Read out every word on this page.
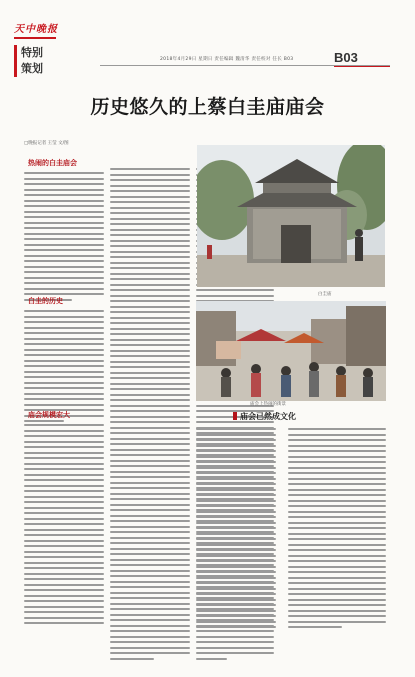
天中晚报
特别
策划
2018年4月29日 星期日 责任编辑 魏清华 责任校对 任长 B03	B03
历史悠久的上蔡白圭庙庙会
□晚报记者 王莹 文/图
热闹的白圭庙会
白圭的历史
庙会规模宏大
白圭庙
庙会上热闹的街景
庙会已然成文化
